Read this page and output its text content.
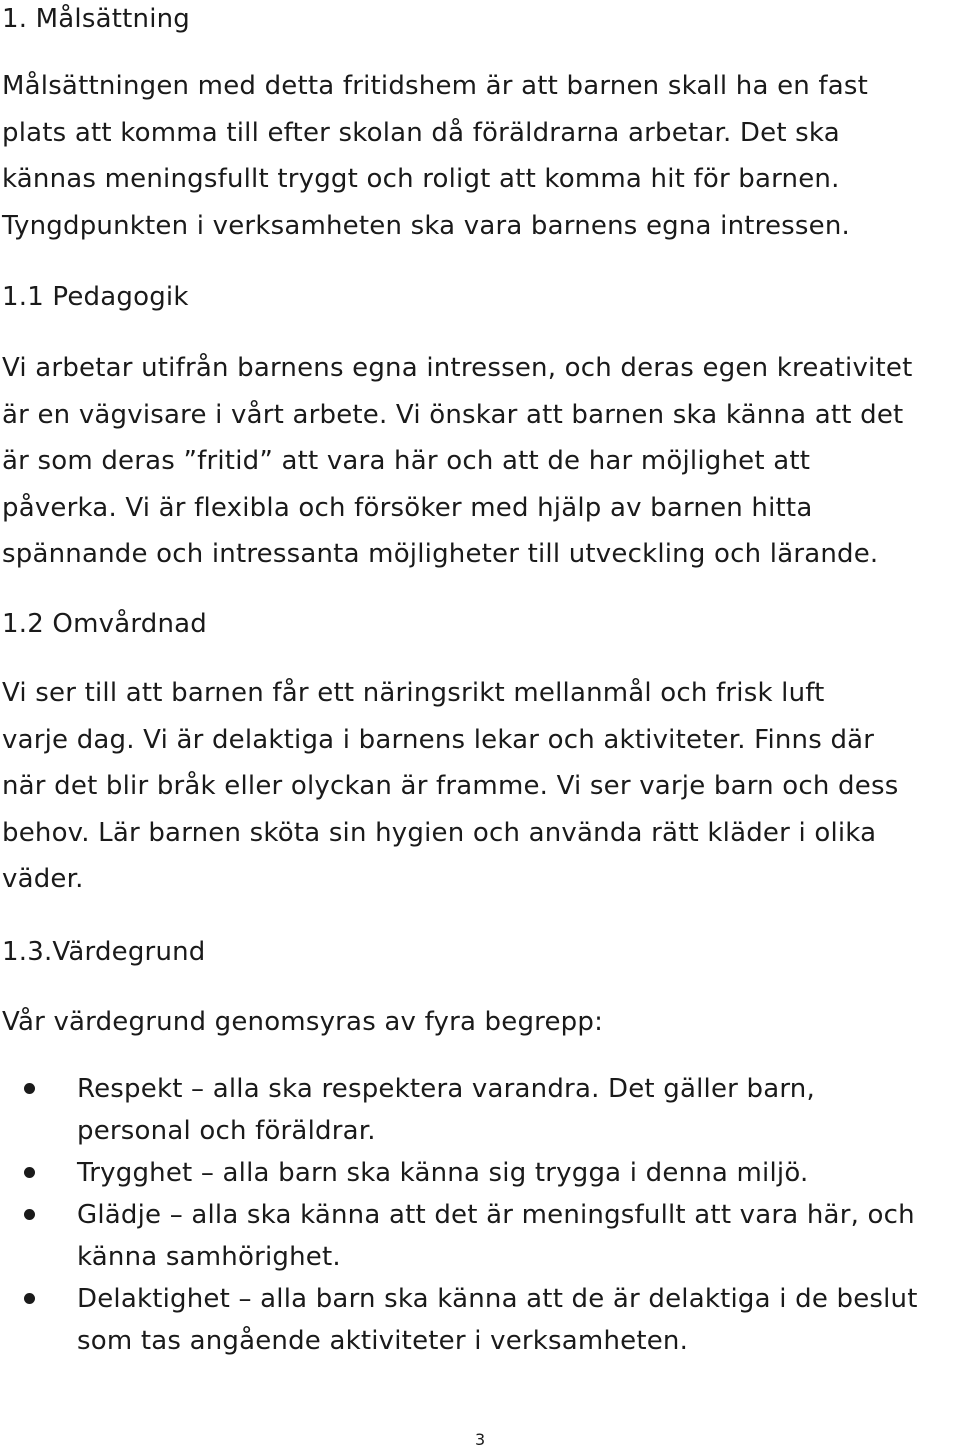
1. Målsättning
Målsättningen med detta fritidshem är att barnen skall ha en fast
plats att komma till efter skolan då föräldrarna arbetar. Det ska
kännas meningsfullt tryggt och roligt att komma hit för barnen.
Tyngdpunkten i verksamheten ska vara barnens egna intressen.
1.1 Pedagogik
Vi arbetar utifrån barnens egna intressen, och deras egen kreativitet
är en vägvisare i vårt arbete. Vi önskar att barnen ska känna att det
är som deras ”fritid” att vara här och att de har möjlighet att
påverka. Vi är flexibla och försöker med hjälp av barnen hitta
spännande och intressanta möjligheter till utveckling och lärande.
1.2 Omvårdnad
Vi ser till att barnen får ett näringsrikt mellanmål och frisk luft
varje dag. Vi är delaktiga i barnens lekar och aktiviteter. Finns där
när det blir bråk eller olyckan är framme. Vi ser varje barn och dess
behov. Lär barnen sköta sin hygien och använda rätt kläder i olika
väder.
1.3.Värdegrund
Vår värdegrund genomsyras av fyra begrepp:
Respekt – alla ska respektera varandra. Det gäller barn,
personal och föräldrar.
Trygghet – alla barn ska känna sig trygga i denna miljö.
Glädje – alla ska känna att det är meningsfullt att vara här, och
känna samhörighet.
Delaktighet – alla barn ska känna att de är delaktiga i de beslut
som tas angående aktiviteter i verksamheten.
3
